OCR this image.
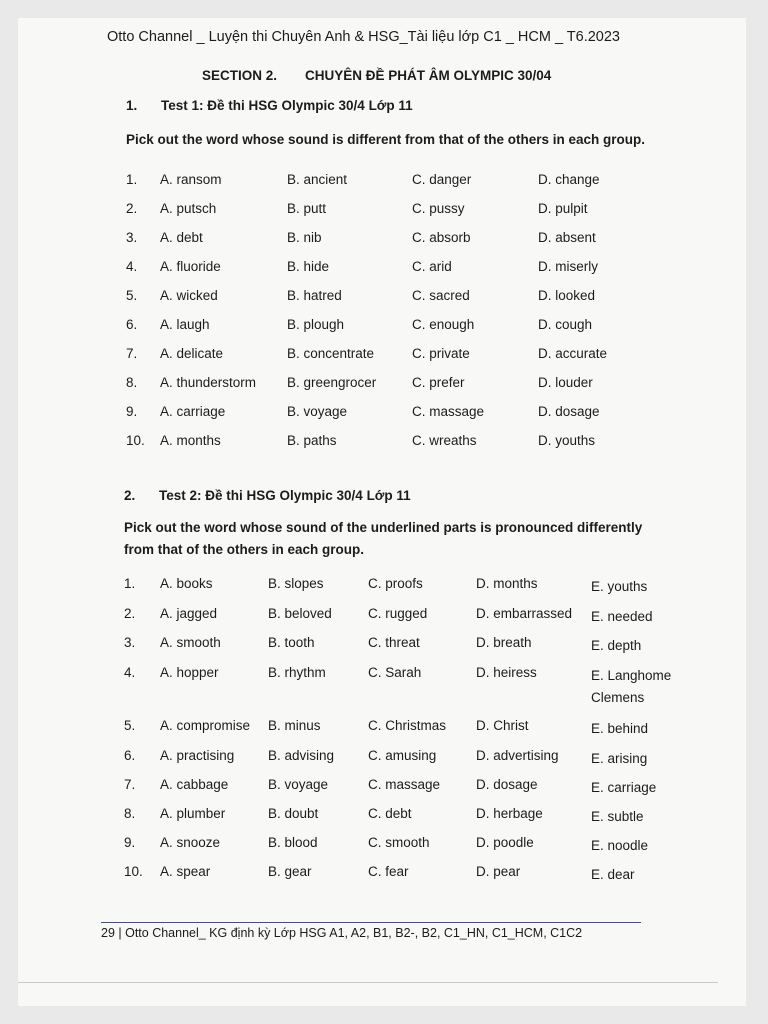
Otto Channel _ Luyện thi Chuyên Anh & HSG_Tài liệu lớp C1 _ HCM _ T6.2023
SECTION 2. CHUYÊN ĐỀ PHÁT ÂM OLYMPIC 30/04
1. Test 1: Đề thi HSG Olympic 30/4 Lớp 11
Pick out the word whose sound is different from that of the others in each group.
1. A. ransom	B. ancient	C. danger	D. change
2. A. putsch	B. putt	C. pussy	D. pulpit
3. A. debt	B. nib	C. absorb	D. absent
4. A. fluoride	B. hide	C. arid	D. miserly
5. A. wicked	B. hatred	C. sacred	D. looked
6. A. laugh	B. plough	C. enough	D. cough
7. A. delicate	B. concentrate	C. private	D. accurate
8. A. thunderstorm B. greengrocer	C. prefer	D. louder
9. A. carriage	B. voyage	C. massage	D. dosage
10. A. months	B. paths	C. wreaths	D. youths
2. Test 2: Đề thi HSG Olympic 30/4 Lớp 11
Pick out the word whose sound of the underlined parts is pronounced differently
from that of the others in each group.
1. A. books	B. slopes	C. proofs	D. months	E. youths
2. A. jagged	B. beloved	C. rugged	D. embarrassed E. needed
3. A. smooth	B. tooth	C. threat	D. breath	E. depth
4. A. hopper	B. rhythm	C. Sarah	D. heiress	E. Langhome Clemens
5. A. compromise B. minus	C. Christmas D. Christ	E. behind
6. A. practising B. advising	C. amusing	D. advertising E. arising
7. A. cabbage	B. voyage	C. massage	D. dosage	E. carriage
8. A. plumber	B. doubt	C. debt	D. herbage	E. subtle
9. A. snooze	B. blood	C. smooth	D. poodle	E. noodle
10. A. spear	B. gear	C. fear	D. pear	E. dear
29 | Otto Channel_ KG định kỳ Lớp HSG A1, A2, B1, B2-, B2, C1_HN, C1_HCM, C1C2
